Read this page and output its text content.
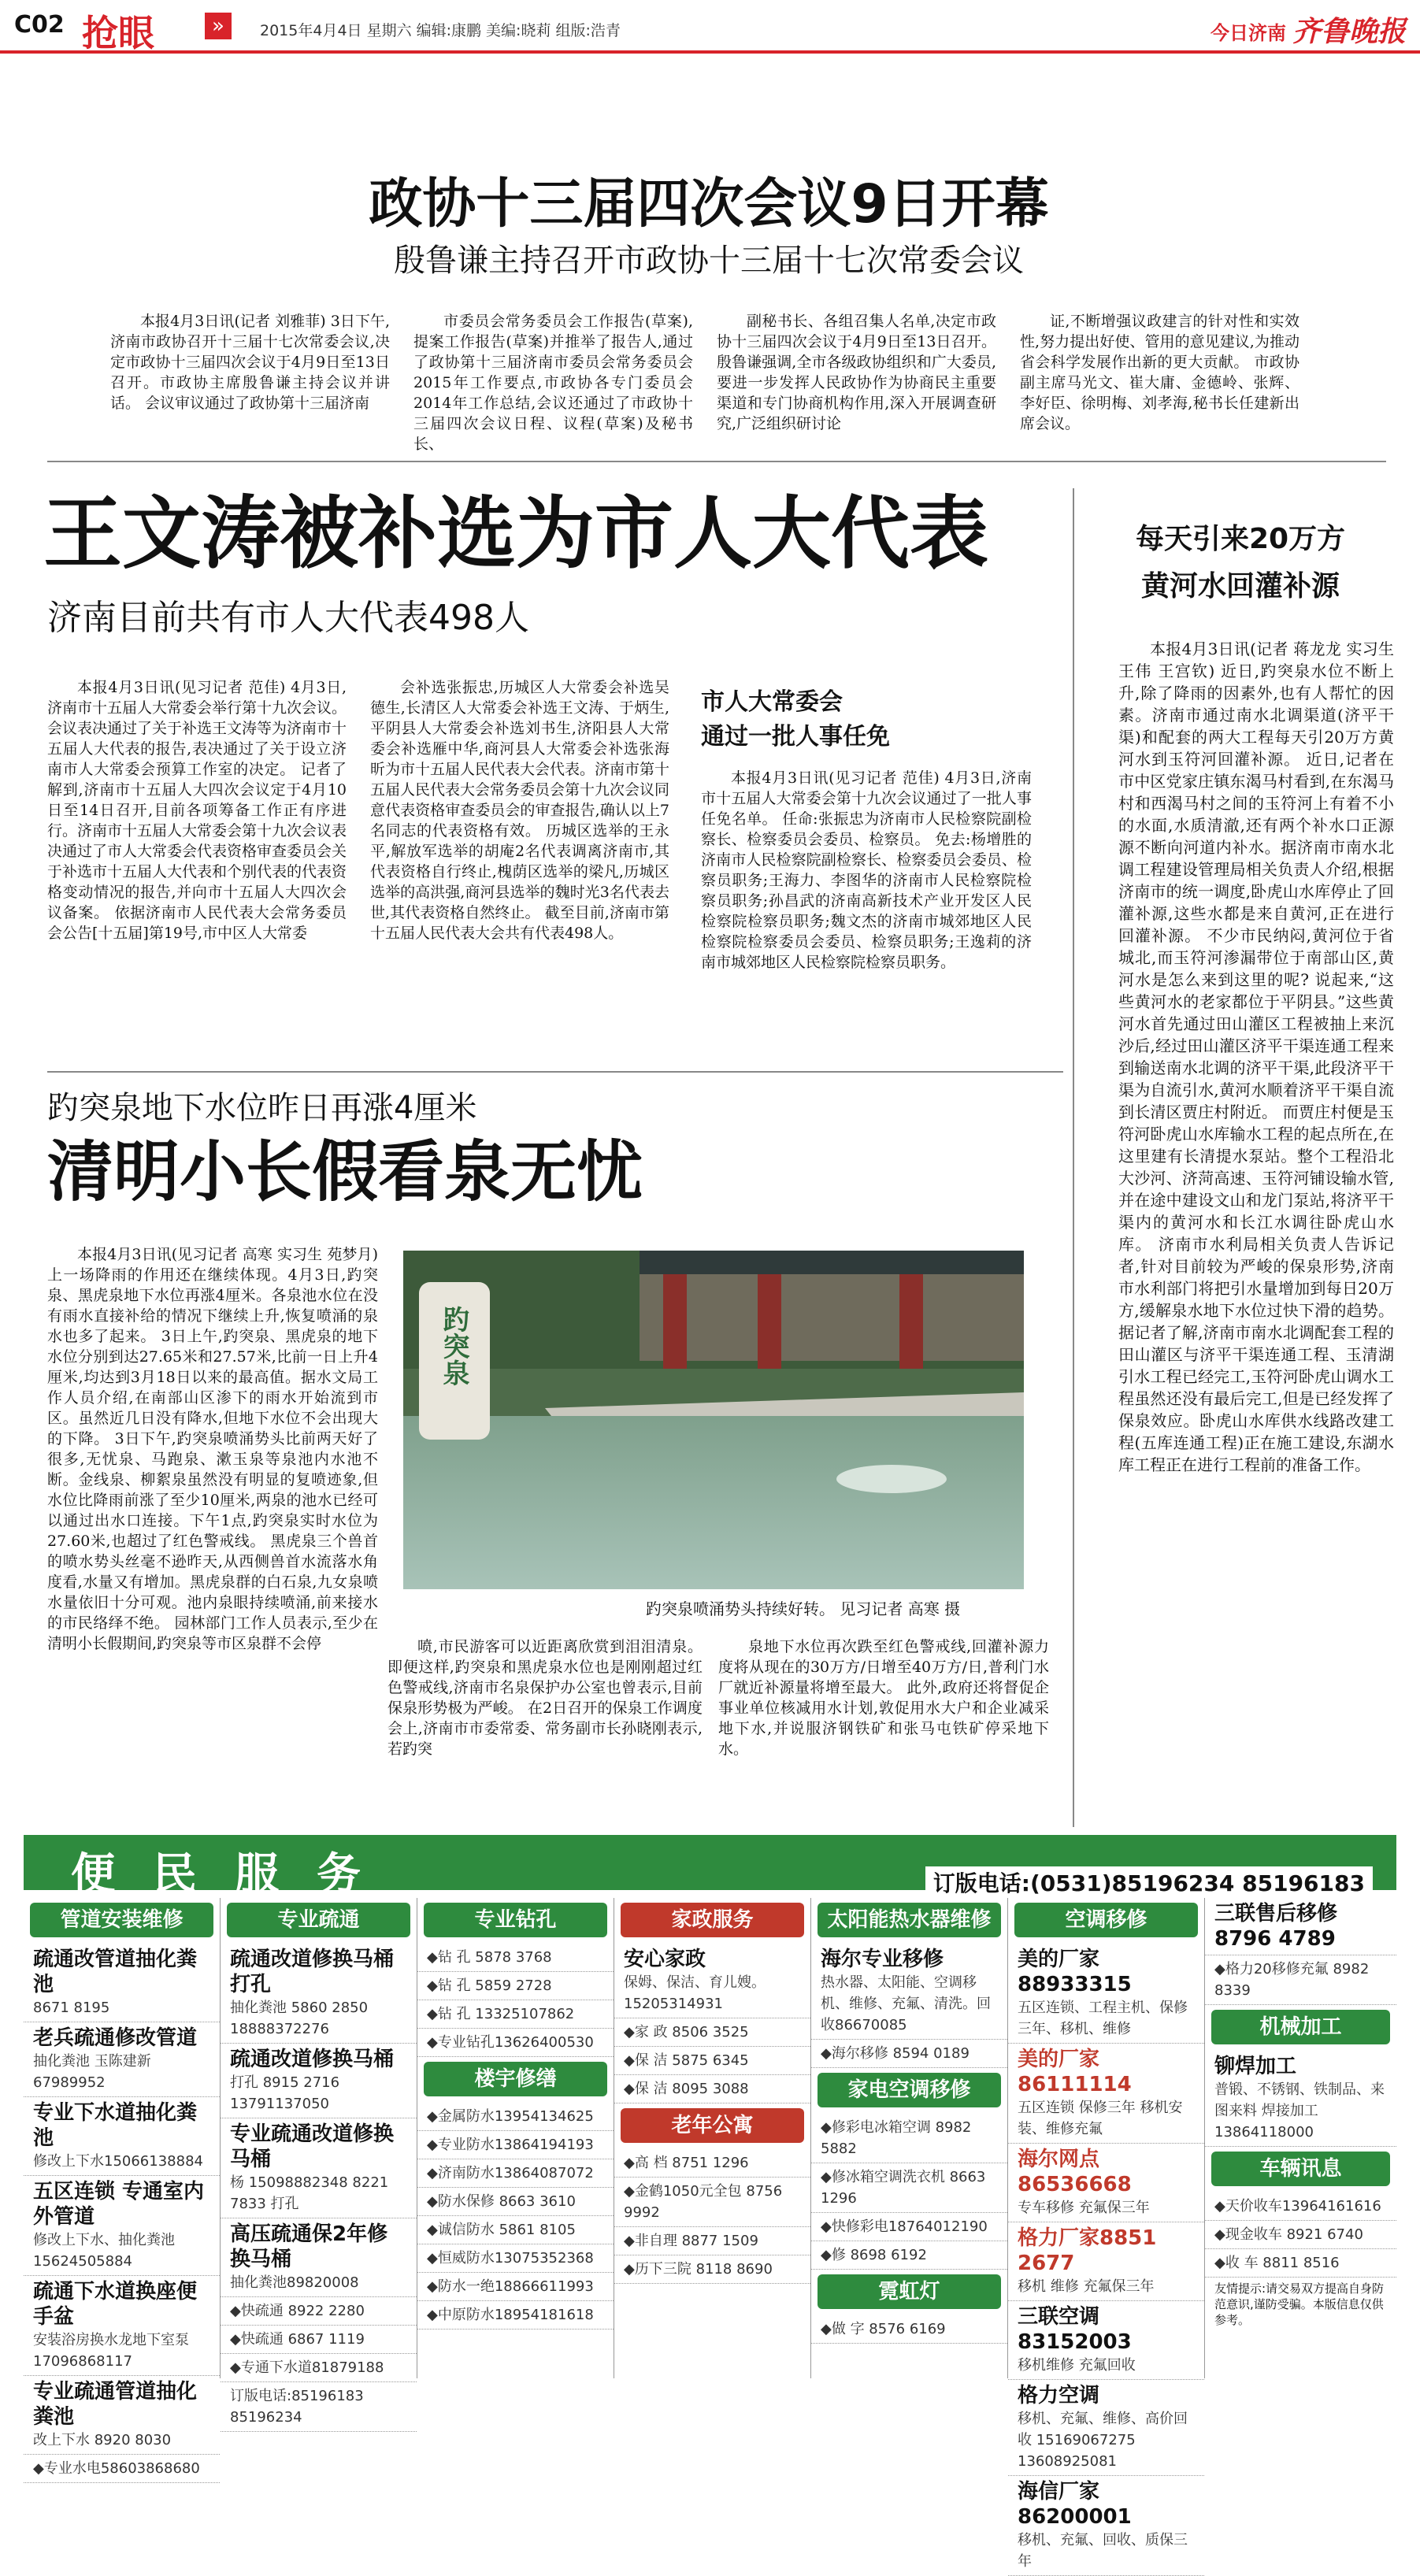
C02 抢眼	»	2015年4月4日 星期六 编辑:康鹏 美编:晓莉 组版:浩青	今日济南 齐鲁晚报
政协十三届四次会议9日开幕
殷鲁谦主持召开市政协十三届十七次常委会议

本报4月3日讯(记者 刘雅菲) 3日下午,济南市政协召开十三届十七次常委会议,决定市政协十三届四次会议于4月9日至13日召开。市政协主席殷鲁谦主持会议并讲话。 会议审议通过了政协第十三届济南

市委员会常务委员会工作报告(草案),提案工作报告(草案)并推举了报告人,通过了政协第十三届济南市委员会常务委员会2015年工作要点,市政协各专门委员会2014年工作总结,会议还通过了市政协十三届四次会议日程、议程(草案)及秘书长、

副秘书长、各组召集人名单,决定市政协十三届四次会议于4月9日至13日召开。 殷鲁谦强调,全市各级政协组织和广大委员,要进一步发挥人民政协作为协商民主重要渠道和专门协商机构作用,深入开展调查研究,广泛组织研讨论

证,不断增强议政建言的针对性和实效性,努力提出好使、管用的意见建议,为推动省会科学发展作出新的更大贡献。 市政协副主席马光文、崔大庸、金德岭、张辉、李好臣、徐明梅、刘孝海,秘书长任建新出席会议。

王文涛被补选为市人大代表
济南目前共有市人大代表498人

本报4月3日讯(见习记者 范佳) 4月3日,济南市十五届人大常委会举行第十九次会议。会议表决通过了关于补选王文涛等为济南市十五届人大代表的报告,表决通过了关于设立济南市人大常委会预算工作室的决定。 记者了解到,济南市十五届人大四次会议定于4月10日至14日召开,目前各项筹备工作正有序进行。济南市十五届人大常委会第十九次会议表决通过了市人大常委会代表资格审查委员会关于补选市十五届人大代表和个别代表的代表资格变动情况的报告,并向市十五届人大四次会议备案。 依据济南市人民代表大会常务委员会公告[十五届]第19号,市中区人大常委

会补选张振忠,历城区人大常委会补选吴德生,长清区人大常委会补选王文涛、于炳生,平阴县人大常委会补选刘书生,济阳县人大常委会补选雁中华,商河县人大常委会补选张海昕为市十五届人民代表大会代表。济南市第十五届人民代表大会常务委员会第十九次会议同意代表资格审查委员会的审查报告,确认以上7名同志的代表资格有效。 历城区选举的王永平,解放军选举的胡庵2名代表调离济南市,其代表资格自行终止,槐荫区选举的梁凡,历城区选举的高洪强,商河县选举的魏时光3名代表去世,其代表资格自然终止。 截至目前,济南市第十五届人民代表大会共有代表498人。

市人大常委会
通过一批人事任免

本报4月3日讯(见习记者 范佳) 4月3日,济南市十五届人大常委会第十九次会议通过了一批人事任免名单。 任命:张振忠为济南市人民检察院副检察长、检察委员会委员、检察员。 免去:杨增胜的济南市人民检察院副检察长、检察委员会委员、检察员职务;王海力、李图华的济南市人民检察院检察员职务;孙昌武的济南高新技术产业开发区人民检察院检察员职务;魏文杰的济南市城郊地区人民检察院检察委员会委员、检察员职务;王逸莉的济南市城郊地区人民检察院检察员职务。

每天引来20万方
黄河水回灌补源

本报4月3日讯(记者 蒋龙龙 实习生 王伟 王宫钦) 近日,趵突泉水位不断上升,除了降雨的因素外,也有人帮忙的因素。济南市通过南水北调渠道(济平干渠)和配套的两大工程每天引20万方黄河水到玉符河回灌补源。 近日,记者在市中区党家庄镇东渴马村看到,在东渴马村和西渴马村之间的玉符河上有着不小的水面,水质清澈,还有两个补水口正源源不断向河道内补水。据济南市南水北调工程建设管理局相关负责人介绍,根据济南市的统一调度,卧虎山水库停止了回灌补源,这些水都是来自黄河,正在进行回灌补源。 不少市民纳闷,黄河位于省城北,而玉符河渗漏带位于南部山区,黄河水是怎么来到这里的呢? 说起来,“这些黄河水的老家都位于平阴县。”这些黄河水首先通过田山灌区工程被抽上来沉沙后,经过田山灌区济平干渠连通工程来到输送南水北调的济平干渠,此段济平干渠为自流引水,黄河水顺着济平干渠自流到长清区贾庄村附近。 而贾庄村便是玉符河卧虎山水库输水工程的起点所在,在这里建有长清提水泵站。整个工程沿北大沙河、济菏高速、玉符河铺设输水管,并在途中建设文山和龙门泵站,将济平干渠内的黄河水和长江水调往卧虎山水库。 济南市水利局相关负责人告诉记者,针对目前较为严峻的保泉形势,济南市水利部门将把引水量增加到每日20万方,缓解泉水地下水位过快下滑的趋势。 据记者了解,济南市南水北调配套工程的田山灌区与济平干渠连通工程、玉清湖引水工程已经完工,玉符河卧虎山调水工程虽然还没有最后完工,但是已经发挥了保泉效应。卧虎山水库供水线路改建工程(五库连通工程)正在施工建设,东湖水库工程正在进行工程前的准备工作。

趵突泉地下水位昨日再涨4厘米
清明小长假看泉无忧

本报4月3日讯(见习记者 高寒 实习生 苑梦月) 上一场降雨的作用还在继续体现。4月3日,趵突泉、黑虎泉地下水位再涨4厘米。各泉池水位在没有雨水直接补给的情况下继续上升,恢复喷涌的泉水也多了起来。 3日上午,趵突泉、黑虎泉的地下水位分别到达27.65米和27.57米,比前一日上升4厘米,均达到3月18日以来的最高值。据水文局工作人员介绍,在南部山区渗下的雨水开始流到市区。虽然近几日没有降水,但地下水位不会出现大的下降。 3日下午,趵突泉喷涌势头比前两天好了很多,无忧泉、马跑泉、漱玉泉等泉池内水池不断。金线泉、柳絮泉虽然没有明显的复喷迹象,但水位比降雨前涨了至少10厘米,两泉的池水已经可以通过出水口连接。下午1点,趵突泉实时水位为27.60米,也超过了红色警戒线。 黑虎泉三个兽首的喷水势头丝毫不逊昨天,从西侧兽首水流落水角度看,水量又有增加。黑虎泉群的白石泉,九女泉喷水量依旧十分可观。池内泉眼持续喷涌,前来接水的市民络绎不绝。 园林部门工作人员表示,至少在清明小长假期间,趵突泉等市区泉群不会停

趵突泉
趵突泉喷涌势头持续好转。 见习记者 高寒 摄

喷,市民游客可以近距离欣赏到泪泪清泉。 即便这样,趵突泉和黑虎泉水位也是刚刚超过红色警戒线,济南市名泉保护办公室也曾表示,目前保泉形势极为严峻。 在2日召开的保泉工作调度会上,济南市市委常委、常务副市长孙晓刚表示,若趵突

泉地下水位再次跌至红色警戒线,回灌补源力度将从现在的30万方/日增至40万方/日,普利门水厂就近补源量将增至最大。 此外,政府还将督促企事业单位核减用水计划,敦促用水大户和企业减采地下水,并说服济钢铁矿和张马屯铁矿停采地下水。

便民服务	订版电话:(0531)85196234 85196183
管道安装维修
疏通改管道抽化粪池
8671 8195
老兵疏通修改管道
抽化粪池 玉陈建新67989952
专业下水道抽化粪池
修改上下水15066138884
五区连锁 专通室内外管道
修改上下水、抽化粪池 15624505884
疏通下水道换座便手盆
安装浴房换水龙地下室泵 17096868117
专业疏通管道抽化粪池
改上下水 8920 8030
◆专业水电58603868680
专业疏通
疏通改道修换马桶打孔
抽化粪池 5860 2850 18888372276
疏通改道修换马桶
打孔 8915 2716 13791137050
专业疏通改道修换马桶
杨 15098882348 8221 7833 打孔
高压疏通保2年修换马桶
抽化粪池89820008
◆快疏通 8922 2280
◆快疏通 6867 1119
◆专通下水道81879188
订版电话:85196183 85196234
专业钻孔
◆钻 孔 5878 3768
◆钻 孔 5859 2728
◆钻 孔 13325107862
◆专业钻孔13626400530
楼宇修缮
◆金属防水13954134625
◆专业防水13864194193
◆济南防水13864087072
◆防水保修 8663 3610
◆诚信防水 5861 8105
◆恒威防水13075352368
◆防水一绝18866611993
◆中原防水18954181618
家政服务
安心家政
保姆、保洁、育儿嫂。15205314931
◆家 政 8506 3525
◆保 洁 5875 6345
◆保 洁 8095 3088
老年公寓
◆高 档 8751 1296
◆金鹤1050元全包 8756 9992
◆非自理 8877 1509
◆历下三院 8118 8690
太阳能热水器维修
海尔专业移修
热水器、太阳能、空调移机、维修、充氟、清洗。回收86670085
◆海尔移修 8594 0189
家电空调移修
◆修彩电冰箱空调 8982 5882
◆修冰箱空调洗衣机 8663 1296
◆快修彩电18764012190
◆修 8698 6192
霓虹灯
◆做 字 8576 6169
空调移修
美的厂家88933315
五区连锁、工程主机、保修三年、移机、维修
美的厂家86111114
五区连锁 保修三年 移机安装、维修充氟
海尔网点86536668
专车移修 充氟保三年
格力厂家8851 2677
移机 维修 充氟保三年
三联空调83152003
移机维修 充氟回收
格力空调
移机、充氟、维修、高价回收 15169067275 13608925081
海信厂家86200001
移机、充氟、回收、质保三年
三联售后移修
8796 4789
◆格力20移修充氟 8982 8339
机械加工
铆焊加工
普锻、不锈钢、铁制品、来图来料 焊接加工13864118000
车辆讯息
◆天价收车13964161616
◆现金收车 8921 6740
◆收 车 8811 8516
友情提示:请交易双方提高自身防范意识,谨防受骗。本版信息仅供参考。
